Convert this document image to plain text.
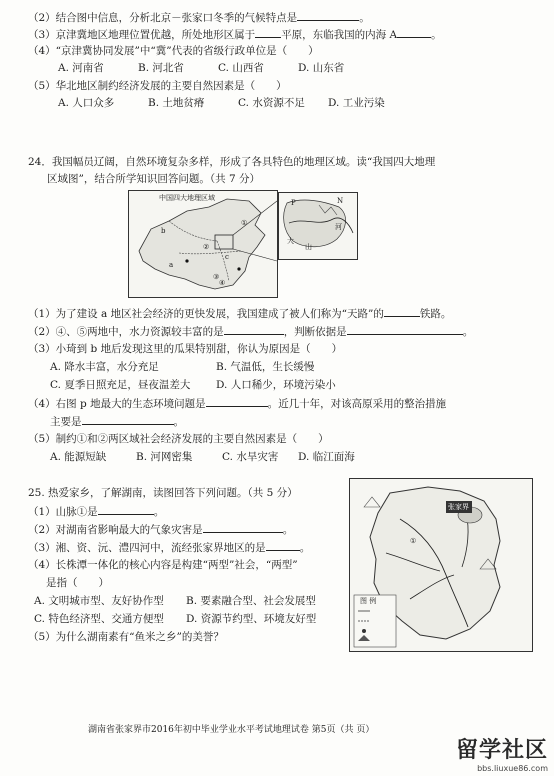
（2）结合图中信息，分析北京－张家口冬季的气候特点是	。
（3）京津冀地区地理位置优越，所处地形区属于 平原，东临我国的内海 A	。
（4）“京津冀协同发展”中“冀”代表的省级行政单位是（　　）
A. 河南省	B. 河北省	C. 山西省	D. 山东省
（5）华北地区制约经济发展的主要自然因素是（　　）
A. 人口众多	B. 土地贫瘠	C. 水资源不足 D. 工业污染
24．我国幅员辽阔，自然环境复杂多样，形成了各具特色的地理区域。读“我国四大地理
区域图”，结合所学知识回答问题。（共 7 分）
中国四大地理区域
b
a
c
①
②
③
④
P	N
河
大
山
（1）为了建设 a 地区社会经济的更快发展，我国建成了被人们称为“天路”的	铁路。
（2）④、⑤两地中，水力资源较丰富的是	，判断依据是	。
（3）小琦到 b 地后发现这里的瓜果特别甜，你认为原因是（　　）
A. 降水丰富，水分充足	B. 气温低，生长缓慢
C. 夏季日照充足，昼夜温差大 D. 人口稀少，环境污染小
（4）右图 p 地最大的生态环境问题是	。近几十年，对该高原采用的整治措施
主要是	。
（5）制约①和②两区域社会经济发展的主要自然因素是（　　）
A. 能源短缺	B. 河网密集	C. 水旱灾害 D. 临江面海
25. 热爱家乡，了解湖南，读图回答下列问题。（共 5 分）
（1）山脉①是	。
（2）对湖南省影响最大的气象灾害是	。
（3）湘、资、沅、澧四河中，流经张家界地区的是	。
（4）长株潭一体化的核心内容是构建“两型”社会，“两型”
是指（　　）
A. 文明城市型、友好协作型 B. 要素融合型、社会发展型
C. 特色经济型、交通方便型 D. 资源节约型、环境友好型
（5）为什么湖南素有“鱼米之乡”的美誉？
张家界
①
图 例
湖南省张家界市2016年初中毕业学业水平考试地理试卷 第5页（共 页）
留学社区
bbs.liuxue86.com
